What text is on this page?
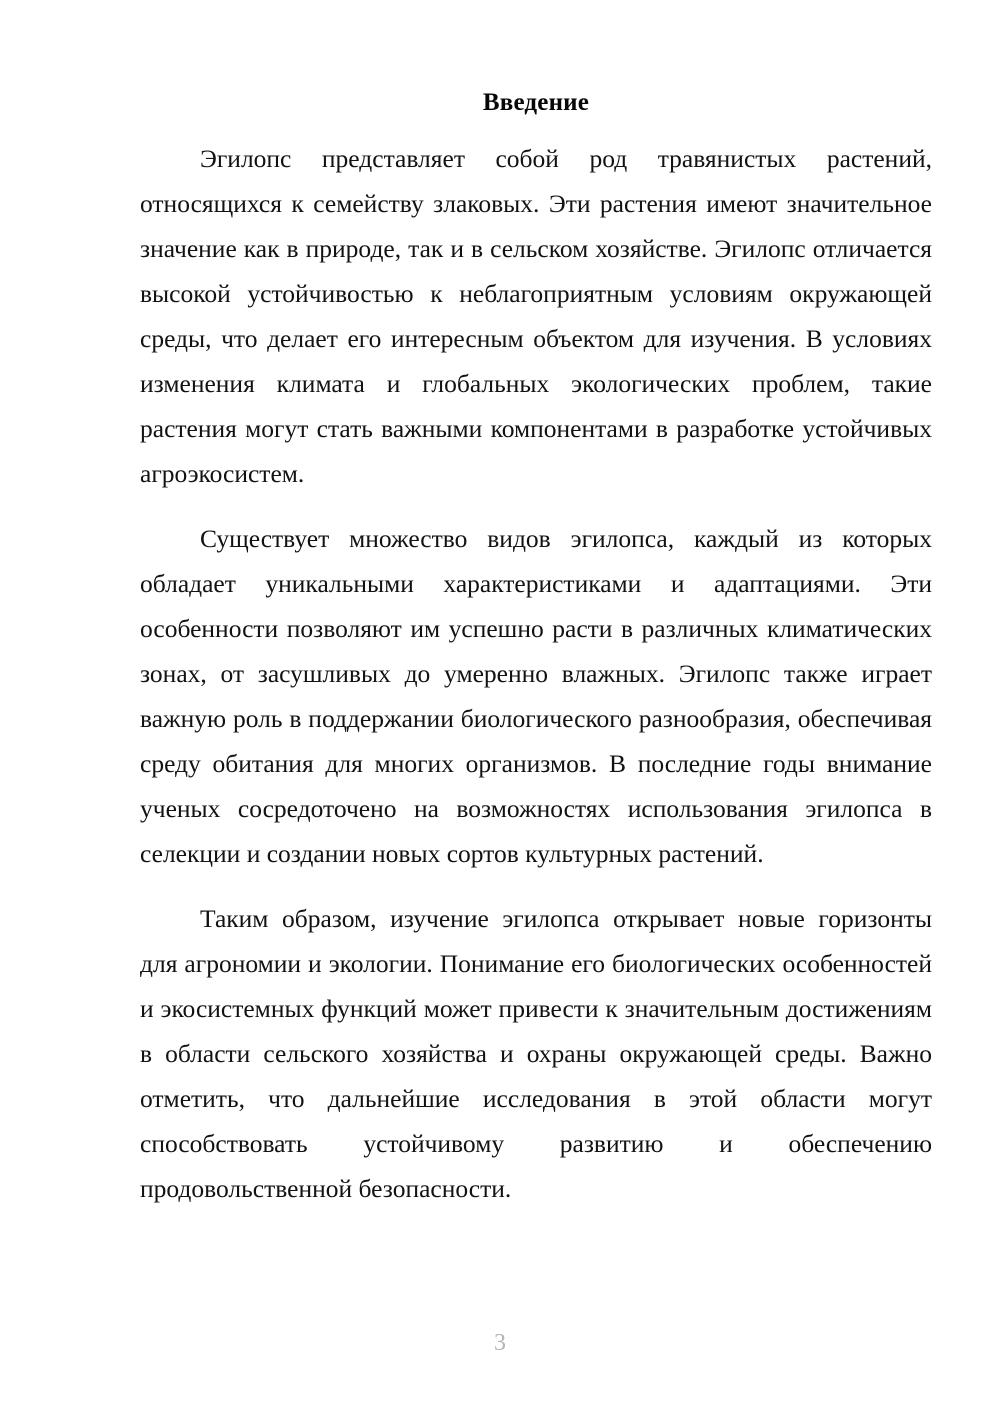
Введение

Эгилопс представляет собой род травянистых растений, относящихся к семейству злаковых. Эти растения имеют значительное значение как в природе, так и в сельском хозяйстве. Эгилопс отличается высокой устойчивостью к неблагоприятным условиям окружающей среды, что делает его интересным объектом для изучения. В условиях изменения климата и глобальных экологических проблем, такие растения могут стать важными компонентами в разработке устойчивых агроэкосистем.

Существует множество видов эгилопса, каждый из которых обладает уникальными характеристиками и адаптациями. Эти особенности позволяют им успешно расти в различных климатических зонах, от засушливых до умеренно влажных. Эгилопс также играет важную роль в поддержании биологического разнообразия, обеспечивая среду обитания для многих организмов. В последние годы внимание ученых сосредоточено на возможностях использования эгилопса в селекции и создании новых сортов культурных растений.

Таким образом, изучение эгилопса открывает новые горизонты для агрономии и экологии. Понимание его биологических особенностей и экосистемных функций может привести к значительным достижениям в области сельского хозяйства и охраны окружающей среды. Важно отметить, что дальнейшие исследования в этой области могут способствовать устойчивому развитию и обеспечению продовольственной безопасности.

3
